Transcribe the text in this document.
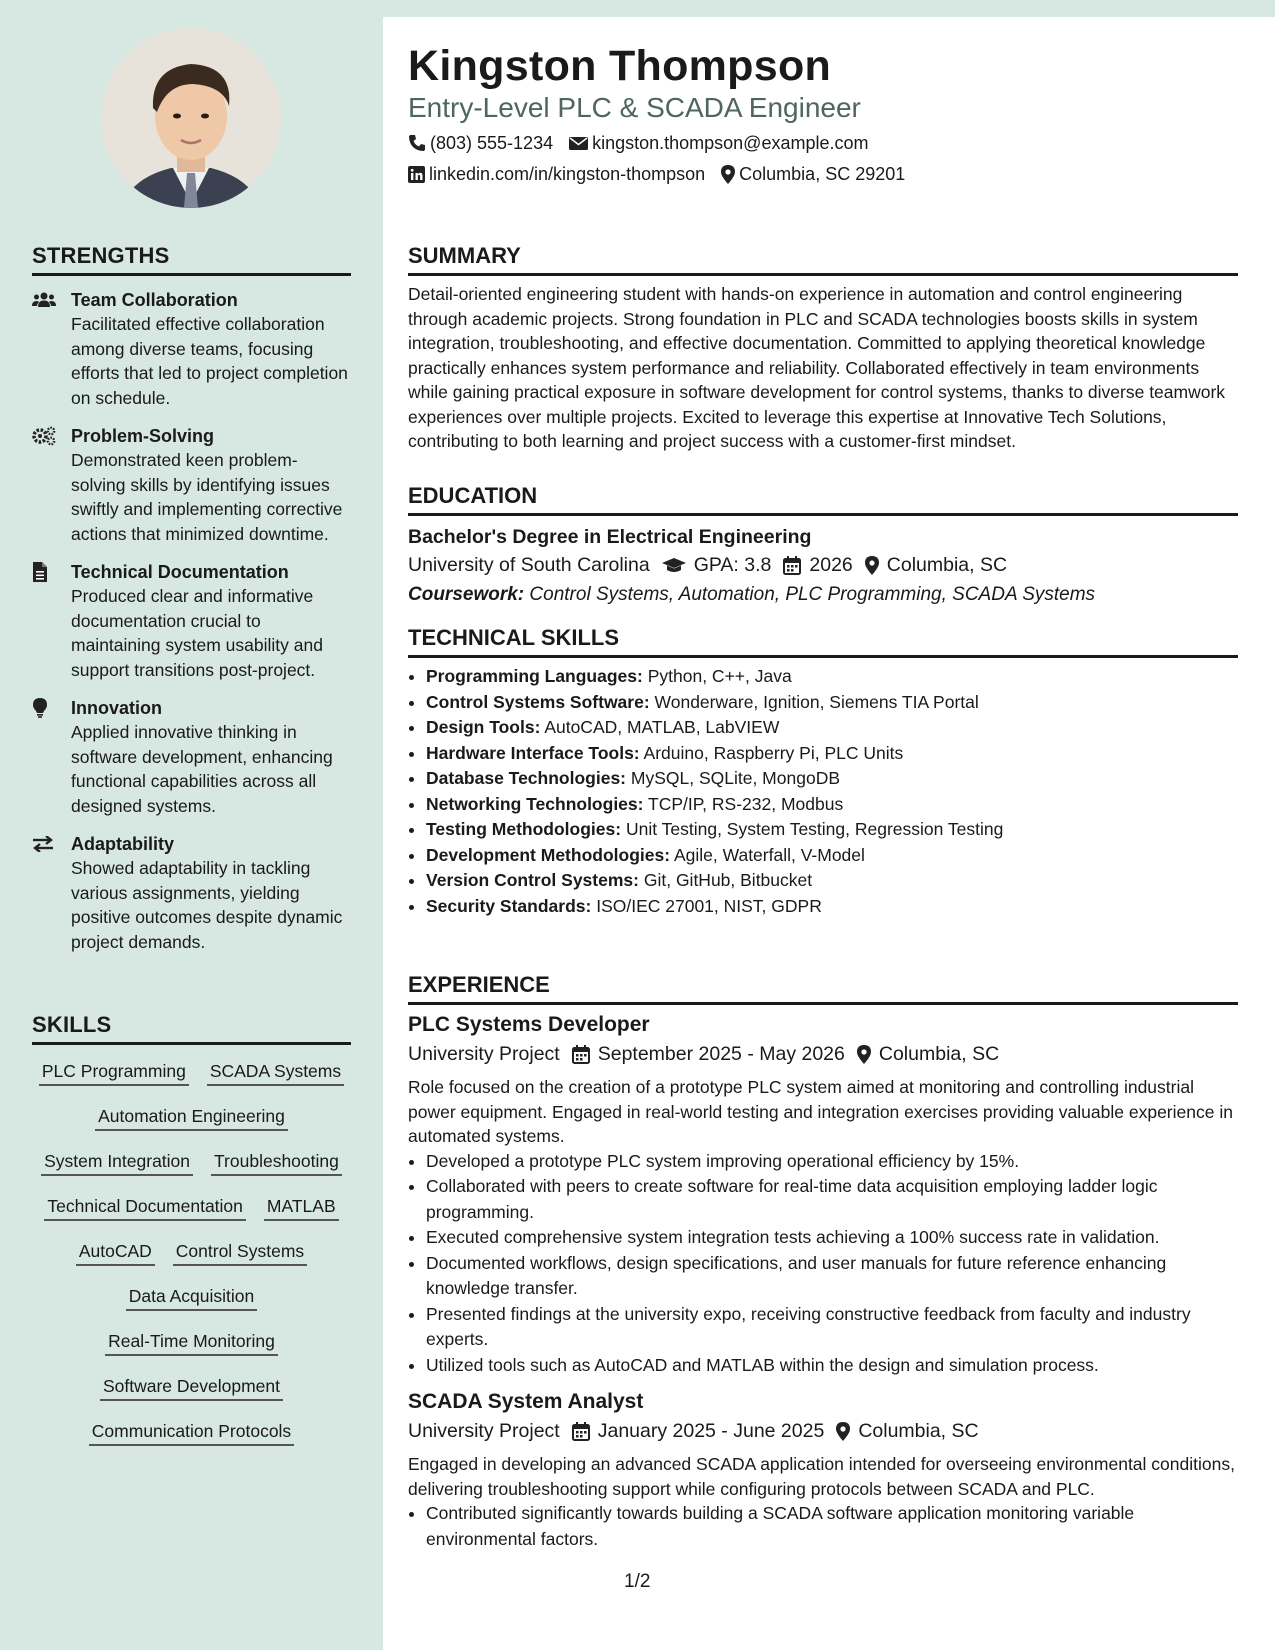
STRENGTHS
Team Collaboration
Facilitated effective collaboration among diverse teams, focusing efforts that led to project completion on schedule.
Problem-Solving
Demonstrated keen problem-solving skills by identifying issues swiftly and implementing corrective actions that minimized downtime.
Technical Documentation
Produced clear and informative documentation crucial to maintaining system usability and support transitions post-project.
Innovation
Applied innovative thinking in software development, enhancing functional capabilities across all designed systems.
Adaptability
Showed adaptability in tackling various assignments, yielding positive outcomes despite dynamic project demands.
SKILLS
PLC Programming SCADA Systems
Automation Engineering
System Integration Troubleshooting
Technical Documentation MATLAB
AutoCAD Control Systems
Data Acquisition
Real-Time Monitoring
Software Development
Communication Protocols
Kingston Thompson
Entry-Level PLC & SCADA Engineer
(803) 555-1234 kingston.thompson@example.com
linkedin.com/in/kingston-thompson Columbia, SC 29201
SUMMARY

Detail-oriented engineering student with hands-on experience in automation and control engineering through academic projects. Strong foundation in PLC and SCADA technologies boosts skills in system integration, troubleshooting, and effective documentation. Committed to applying theoretical knowledge practically enhances system performance and reliability. Collaborated effectively in team environments while gaining practical exposure in software development for control systems, thanks to diverse teamwork experiences over multiple projects. Excited to leverage this expertise at Innovative Tech Solutions, contributing to both learning and project success with a customer-first mindset.

EDUCATION
Bachelor's Degree in Electrical Engineering
University of South Carolina GPA: 3.8 2026 Columbia, SC
Coursework: Control Systems, Automation, PLC Programming, SCADA Systems
TECHNICAL SKILLS
• Programming Languages: Python, C++, Java
• Control Systems Software: Wonderware, Ignition, Siemens TIA Portal
• Design Tools: AutoCAD, MATLAB, LabVIEW
• Hardware Interface Tools: Arduino, Raspberry Pi, PLC Units
• Database Technologies: MySQL, SQLite, MongoDB
• Networking Technologies: TCP/IP, RS-232, Modbus
• Testing Methodologies: Unit Testing, System Testing, Regression Testing
• Development Methodologies: Agile, Waterfall, V-Model
• Version Control Systems: Git, GitHub, Bitbucket
• Security Standards: ISO/IEC 27001, NIST, GDPR
EXPERIENCE
PLC Systems Developer
University Project September 2025 - May 2026 Columbia, SC

Role focused on the creation of a prototype PLC system aimed at monitoring and controlling industrial power equipment. Engaged in real-world testing and integration exercises providing valuable experience in automated systems.

• Developed a prototype PLC system improving operational efficiency by 15%.
• Collaborated with peers to create software for real-time data acquisition employing ladder logic programming.
• Executed comprehensive system integration tests achieving a 100% success rate in validation.
• Documented workflows, design specifications, and user manuals for future reference enhancing knowledge transfer.
• Presented findings at the university expo, receiving constructive feedback from faculty and industry experts.
• Utilized tools such as AutoCAD and MATLAB within the design and simulation process.
SCADA System Analyst
University Project January 2025 - June 2025 Columbia, SC

Engaged in developing an advanced SCADA application intended for overseeing environmental conditions, delivering troubleshooting support while configuring protocols between SCADA and PLC.

• Contributed significantly towards building a SCADA software application monitoring variable environmental factors.
1/2
